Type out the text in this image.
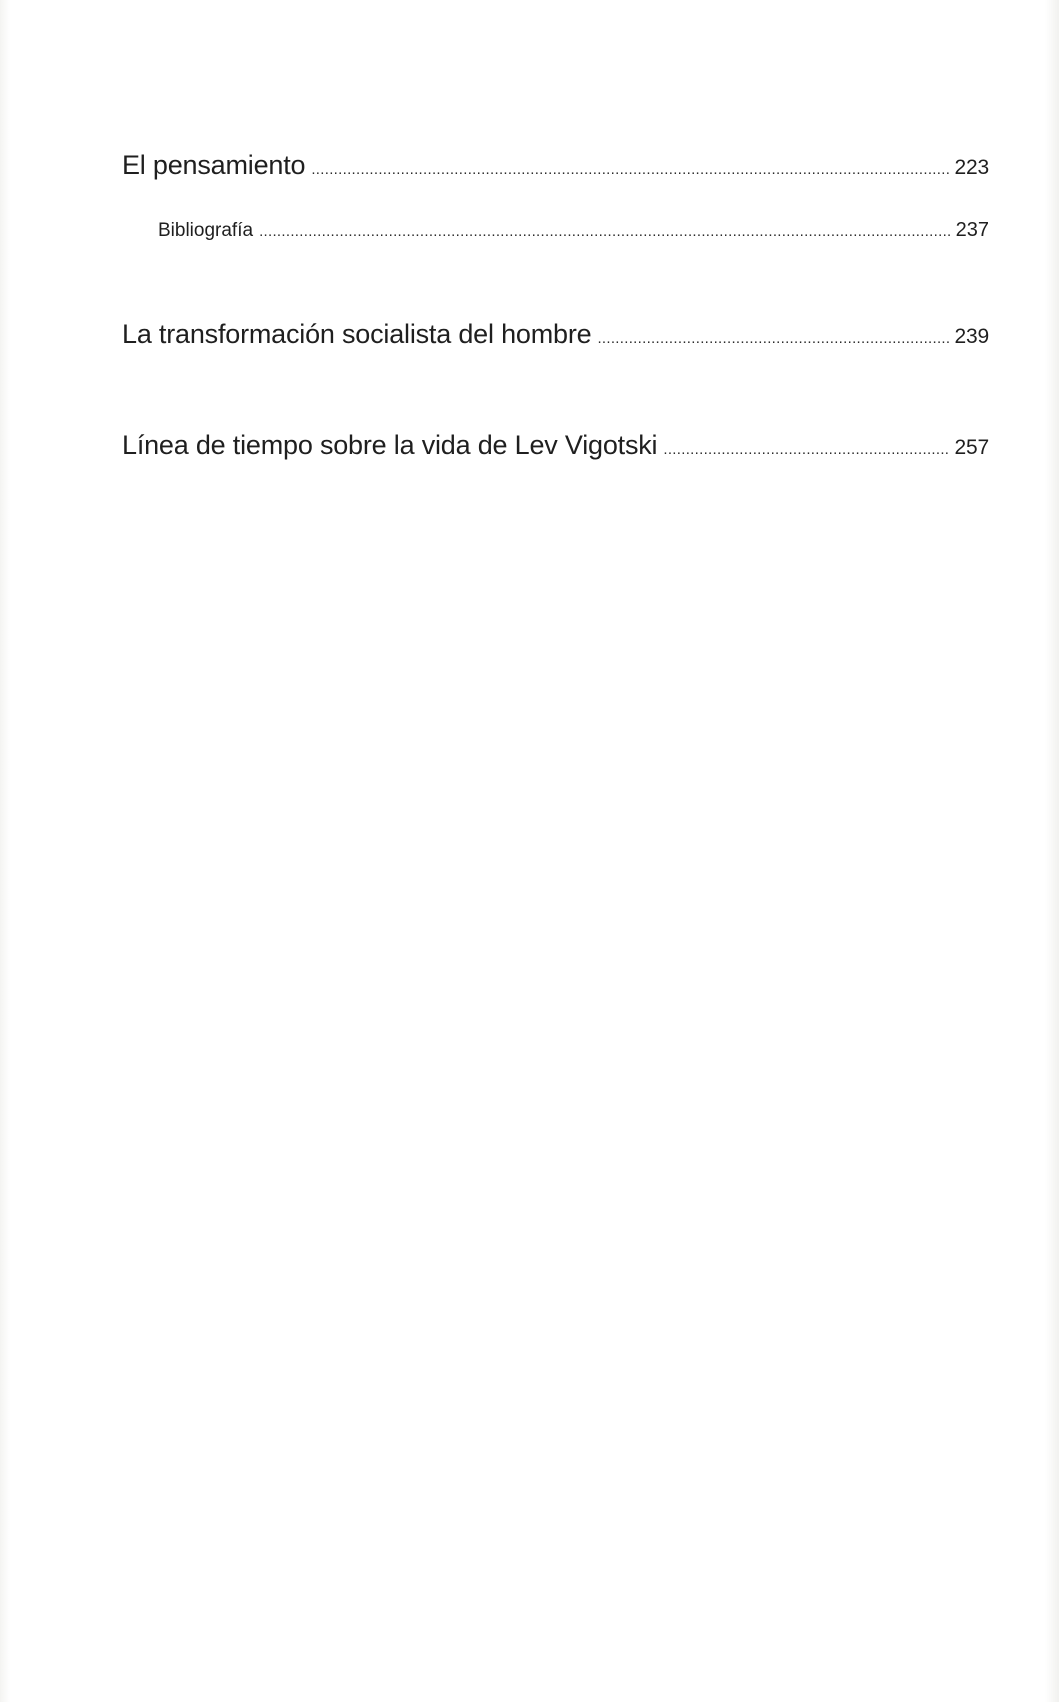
El pensamiento .....	223
Bibliografía .....	237
La transformación socialista del hombre .....	239
Línea de tiempo sobre la vida de Lev Vigotski .....	257
